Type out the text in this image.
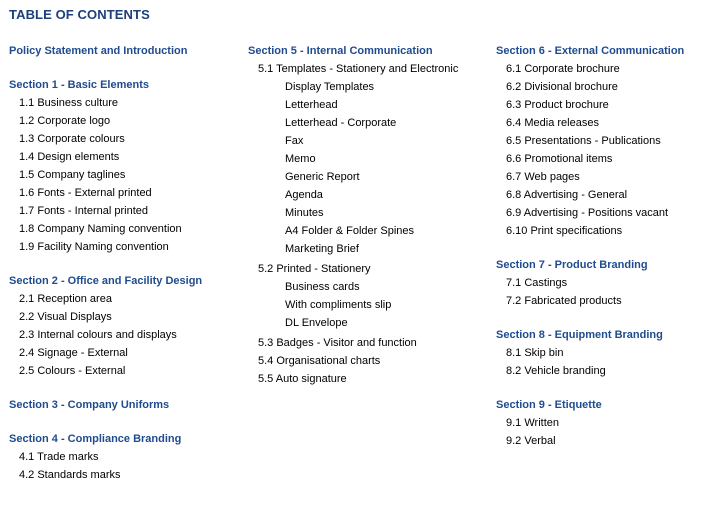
TABLE OF CONTENTS
Policy Statement and Introduction
Section 1 - Basic Elements
1.1 Business culture
1.2 Corporate logo
1.3 Corporate colours
1.4 Design elements
1.5 Company taglines
1.6 Fonts - External printed
1.7 Fonts - Internal printed
1.8 Company Naming convention
1.9 Facility Naming convention
Section 2 - Office and Facility Design
2.1 Reception area
2.2 Visual Displays
2.3 Internal colours and displays
2.4 Signage - External
2.5 Colours - External
Section 3 - Company Uniforms
Section 4 - Compliance Branding
4.1 Trade marks
4.2 Standards marks
Section 5 - Internal Communication
5.1 Templates - Stationery and Electronic
Display Templates
Letterhead
Letterhead - Corporate
Fax
Memo
Generic Report
Agenda
Minutes
A4 Folder & Folder Spines
Marketing Brief
5.2 Printed - Stationery
Business cards
With compliments slip
DL Envelope
5.3 Badges - Visitor and function
5.4 Organisational charts
5.5 Auto signature
Section 6 - External Communication
6.1 Corporate brochure
6.2 Divisional brochure
6.3 Product brochure
6.4 Media releases
6.5 Presentations - Publications
6.6 Promotional items
6.7 Web pages
6.8 Advertising - General
6.9 Advertising - Positions vacant
6.10 Print specifications
Section 7 - Product Branding
7.1 Castings
7.2 Fabricated products
Section 8 - Equipment Branding
8.1 Skip bin
8.2 Vehicle branding
Section 9 - Etiquette
9.1 Written
9.2 Verbal
